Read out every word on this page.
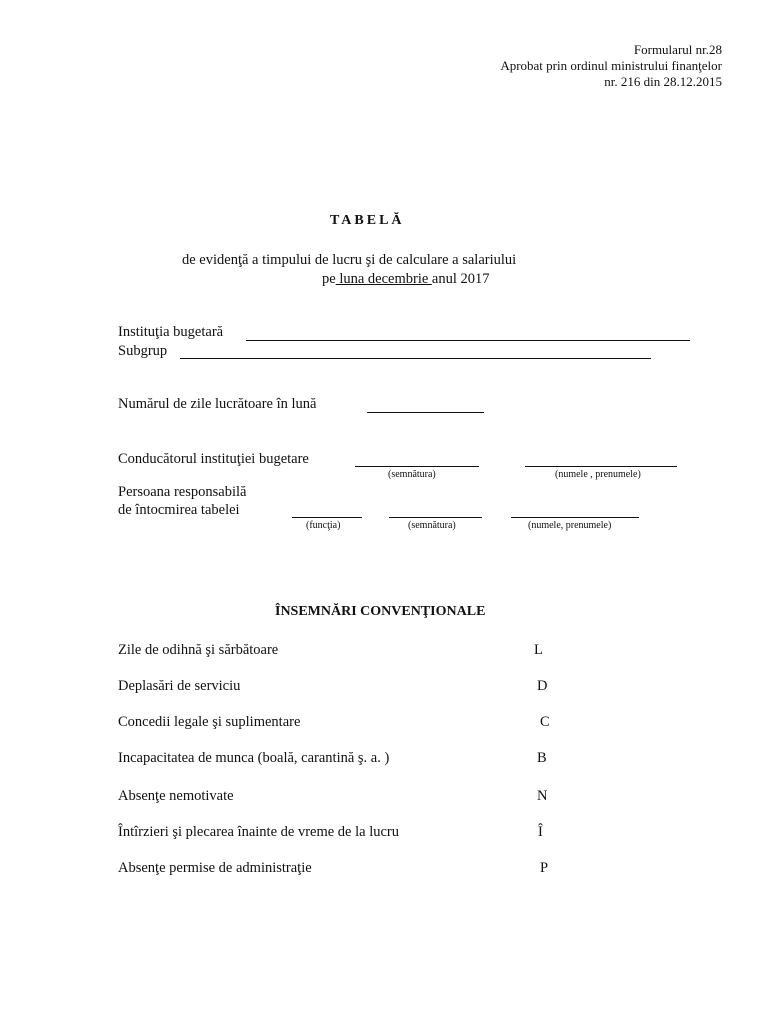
Formularul nr.28
Aprobat prin ordinul ministrului finanţelor
nr. 216 din 28.12.2015
TABELĂ
de evidenţă a timpului de lucru şi de calculare a salariului
pe luna decembrie anul 2017
Instituţia bugetară
Subgrup
Numărul de zile lucrătoare în lună
Conducătorul instituţiei bugetare
(semnătura)	(numele , prenumele)
Persoana responsabilă
de întocmirea tabelei
(funcţia)	(semnătura)	(numele, prenumele)
ÎNSEMNĂRI CONVENŢIONALE
Zile de odihnă şi sărbătoare	L
Deplasări de serviciu	D
Concedii legale şi suplimentare	C
Incapacitatea de munca (boală, carantină ş. a. )	B
Absenţe nemotivate	N
Întîrzieri şi plecarea înainte de vreme de la lucru	Î
Absenţe permise de administraţie	P
